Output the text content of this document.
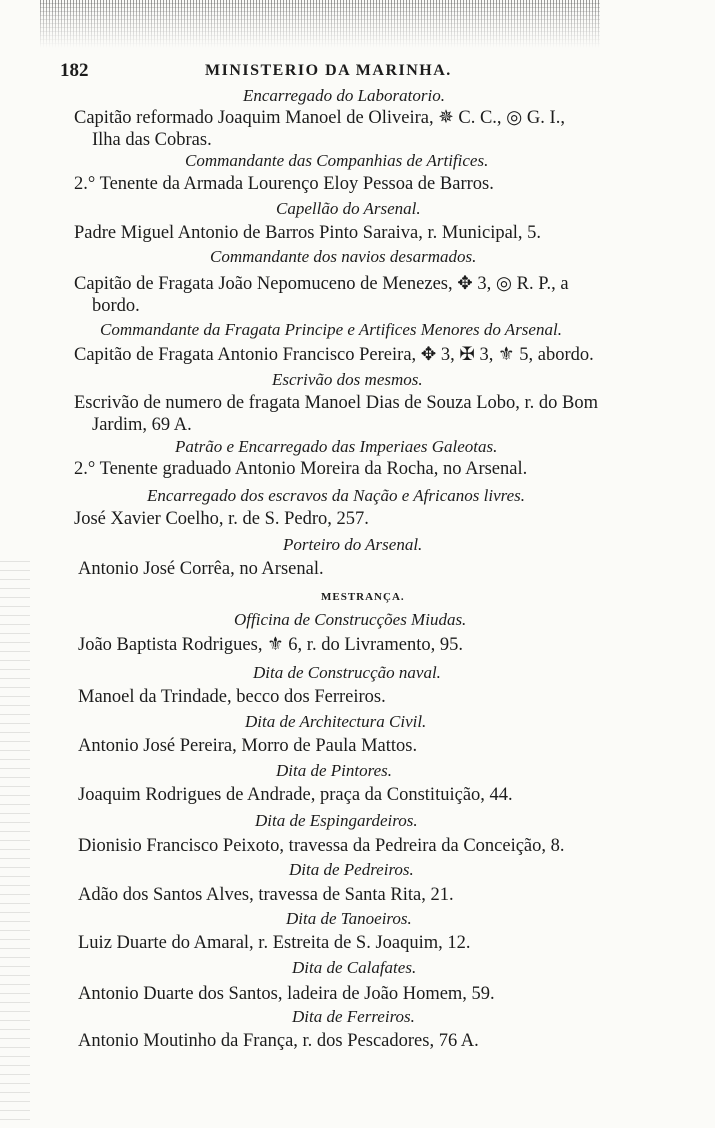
182	MINISTERIO DA MARINHA.
Encarregado do Laboratorio.
Capitão reformado Joaquim Manoel de Oliveira, ✵ C. C., ◎ G. I.,
Ilha das Cobras.
Commandante das Companhias de Artifices.
2.° Tenente da Armada Lourenço Eloy Pessoa de Barros.
Capellão do Arsenal.
Padre Miguel Antonio de Barros Pinto Saraiva, r. Municipal, 5.
Commandante dos navios desarmados.
Capitão de Fragata João Nepomuceno de Menezes, ✥ 3, ◎ R. P., a
bordo.
Commandante da Fragata Principe e Artifices Menores do Arsenal.
Capitão de Fragata Antonio Francisco Pereira, ✥ 3, ✠ 3, ⚜ 5, abordo.
Escrivão dos mesmos.
Escrivão de numero de fragata Manoel Dias de Souza Lobo, r. do Bom
Jardim, 69 A.
Patrão e Encarregado das Imperiaes Galeotas.
2.° Tenente graduado Antonio Moreira da Rocha, no Arsenal.
Encarregado dos escravos da Nação e Africanos livres.
José Xavier Coelho, r. de S. Pedro, 257.
Porteiro do Arsenal.
Antonio José Corrêa, no Arsenal.
MESTRANÇA.
Officina de Construcções Miudas.
João Baptista Rodrigues, ⚜ 6, r. do Livramento, 95.
Dita de Construcção naval.
Manoel da Trindade, becco dos Ferreiros.
Dita de Architectura Civil.
Antonio José Pereira, Morro de Paula Mattos.
Dita de Pintores.
Joaquim Rodrigues de Andrade, praça da Constituição, 44.
Dita de Espingardeiros.
Dionisio Francisco Peixoto, travessa da Pedreira da Conceição, 8.
Dita de Pedreiros.
Adão dos Santos Alves, travessa de Santa Rita, 21.
Dita de Tanoeiros.
Luiz Duarte do Amaral, r. Estreita de S. Joaquim, 12.
Dita de Calafates.
Antonio Duarte dos Santos, ladeira de João Homem, 59.
Dita de Ferreiros.
Antonio Moutinho da França, r. dos Pescadores, 76 A.
